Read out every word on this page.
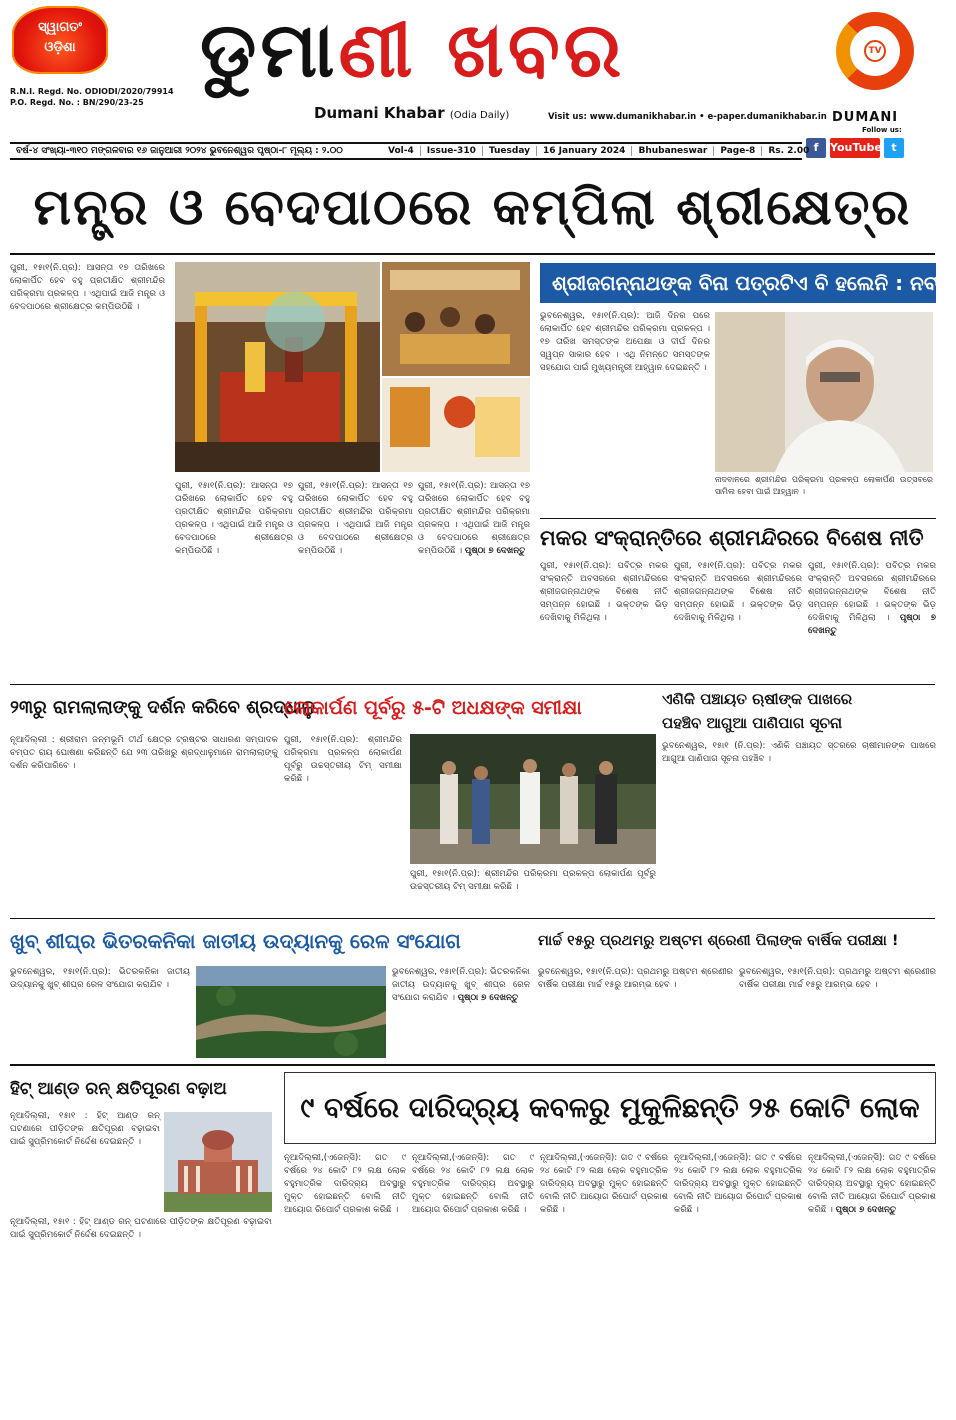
ସ୍ୱାଗତଂ
ଓଡ଼ିଶା
R.N.I. Regd. No. ODIODI/2020/79914
P.O. Regd. No. : BN/290/23-25
ଡୁମାଣୀ ଖବର
Dumani Khabar (Odia Daily)	Visit us: www.dumanikhabar.in • e-paper.dumanikhabar.in
TV
DUMANI
Follow us:
f	YouTube t
ବର୍ଷ-୪ ସଂଖ୍ୟା-୩୧୦ ମଙ୍ଗଳବାର ୧୬ ଜାନୁଆରୀ ୨୦୨୪ ଭୁବନେଶ୍ୱର ପୃଷ୍ଠା-୮ ମୂଲ୍ୟ : ୨.୦୦	Vol-4 Issue-310 Tuesday 16 January 2024 Bhubaneswar Page-8 Rs. 2.00
ମନ୍ତ୍ର ଓ ବେଦପାଠରେ କମ୍ପିଲା ଶ୍ରୀକ୍ଷେତ୍ର
ପୁରୀ, ୧୫ା୧(ନି.ପ୍ର): ଆସନ୍ତା ୧୭ ତାରିଖରେ ଲୋକାର୍ପିତ ହେବ ବହୁ ପ୍ରତୀକ୍ଷିତ ଶ୍ରୀମନ୍ଦିର ପରିକ୍ରମା ପ୍ରକଳ୍ପ । ଏଥିପାଇଁ ଆଜି ମନ୍ତ୍ର ଓ ବେଦପାଠରେ ଶ୍ରୀକ୍ଷେତ୍ର କମ୍ପିଉଠିଛି ।
ପୁରୀ, ୧୫ା୧(ନି.ପ୍ର): ଆସନ୍ତା ୧୭ ତାରିଖରେ ଲୋକାର୍ପିତ ହେବ ବହୁ ପ୍ରତୀକ୍ଷିତ ଶ୍ରୀମନ୍ଦିର ପରିକ୍ରମା ପ୍ରକଳ୍ପ । ଏଥିପାଇଁ ଆଜି ମନ୍ତ୍ର ଓ ବେଦପାଠରେ ଶ୍ରୀକ୍ଷେତ୍ର କମ୍ପିଉଠିଛି ।
ପୁରୀ, ୧୫ା୧(ନି.ପ୍ର): ଆସନ୍ତା ୧୭ ତାରିଖରେ ଲୋକାର୍ପିତ ହେବ ବହୁ ପ୍ରତୀକ୍ଷିତ ଶ୍ରୀମନ୍ଦିର ପରିକ୍ରମା ପ୍ରକଳ୍ପ । ଏଥିପାଇଁ ଆଜି ମନ୍ତ୍ର ଓ ବେଦପାଠରେ ଶ୍ରୀକ୍ଷେତ୍ର କମ୍ପିଉଠିଛି ।
ପୁରୀ, ୧୫ା୧(ନି.ପ୍ର): ଆସନ୍ତା ୧୭ ତାରିଖରେ ଲୋକାର୍ପିତ ହେବ ବହୁ ପ୍ରତୀକ୍ଷିତ ଶ୍ରୀମନ୍ଦିର ପରିକ୍ରମା ପ୍ରକଳ୍ପ । ଏଥିପାଇଁ ଆଜି ମନ୍ତ୍ର ଓ ବେଦପାଠରେ ଶ୍ରୀକ୍ଷେତ୍ର କମ୍ପିଉଠିଛି । ପୃଷ୍ଠା ୭ ଦେଖନ୍ତୁ
ଶ୍ରୀଜଗନ୍ନାଥଙ୍କ ବିନା ପତ୍ରଟିଏ ବି ହଲେନି : ନବୀନ
ଭୁବନେଶ୍ୱର, ୧୫ା୧(ନି.ପ୍ର): ଆଜି ଦିନର ପରେ ଲୋକାର୍ପିତ ହେବ ଶ୍ରୀମନ୍ଦିର ପରିକ୍ରମା ପ୍ରକଳ୍ପ । ୧୭ ତାରିଖ ସମସ୍ତଙ୍କ ଅପେକ୍ଷା ଓ ଦୀର୍ଘ ଦିନର ସ୍ୱପ୍ନ ସାକାର ହେବ । ଏଥି ନିମନ୍ତେ ସମସ୍ତଙ୍କ ସହଯୋଗ ପାଇଁ ମୁଖ୍ୟମନ୍ତ୍ରୀ ଆହ୍ୱାନ ଦେଇଛନ୍ତି ।
ନାଦବାନରେ ଶ୍ରୀମନ୍ଦିର ପରିକ୍ରମା ପ୍ରକଳ୍ପ ଲୋକାର୍ପଣ ଉତ୍ସବରେ ସାମିଲ ହେବା ପାଇଁ ଆହ୍ୱାନ ।
ମକର ସଂକ୍ରାନ୍ତିରେ ଶ୍ରୀମନ୍ଦିରରେ ବିଶେଷ ନୀତି
ପୁରୀ, ୧୫ା୧(ନି.ପ୍ର): ପବିତ୍ର ମକର ସଂକ୍ରାନ୍ତି ଅବସରରେ ଶ୍ରୀମନ୍ଦିରରେ ଶ୍ରୀଜଗନ୍ନାଥଙ୍କ ବିଶେଷ ନୀତି ସମ୍ପନ୍ନ ହୋଇଛି । ଭକ୍ତଙ୍କ ଭିଡ଼ ଦେଖିବାକୁ ମିଳିଥିଲା ।
ପୁରୀ, ୧୫ା୧(ନି.ପ୍ର): ପବିତ୍ର ମକର ସଂକ୍ରାନ୍ତି ଅବସରରେ ଶ୍ରୀମନ୍ଦିରରେ ଶ୍ରୀଜଗନ୍ନାଥଙ୍କ ବିଶେଷ ନୀତି ସମ୍ପନ୍ନ ହୋଇଛି । ଭକ୍ତଙ୍କ ଭିଡ଼ ଦେଖିବାକୁ ମିଳିଥିଲା ।
ପୁରୀ, ୧୫ା୧(ନି.ପ୍ର): ପବିତ୍ର ମକର ସଂକ୍ରାନ୍ତି ଅବସରରେ ଶ୍ରୀମନ୍ଦିରରେ ଶ୍ରୀଜଗନ୍ନାଥଙ୍କ ବିଶେଷ ନୀତି ସମ୍ପନ୍ନ ହୋଇଛି । ଭକ୍ତଙ୍କ ଭିଡ଼ ଦେଖିବାକୁ ମିଳିଥିଲା । ପୃଷ୍ଠା ୭ ଦେଖନ୍ତୁ
୨୩ରୁ ରାମଲାଲାଙ୍କୁ ଦର୍ଶନ କରିବେ ଶ୍ରଦ୍ଧାଳୁ
ନୂଆଦିଲ୍ଲୀ : ଶ୍ରୀରାମ ଜନ୍ମଭୂମି ତୀର୍ଥ କ୍ଷେତ୍ର ଟ୍ରଷ୍ଟର ସାଧାରଣ ସମ୍ପାଦକ ଚମ୍ପତ ରାୟ ଘୋଷଣା କରିଛନ୍ତି ଯେ ୨୩ ତାରିଖରୁ ଶ୍ରଦ୍ଧାଳୁମାନେ ରାମଲାଲାଙ୍କୁ ଦର୍ଶନ କରିପାରିବେ ।
ଲୋକାର୍ପଣ ପୂର୍ବରୁ ୫-ଟି ଅଧକ୍ଷଙ୍କ ସମୀକ୍ଷା
ପୁରୀ, ୧୫ା୧(ନି.ପ୍ର): ଶ୍ରୀମନ୍ଦିର ପରିକ୍ରମା ପ୍ରକଳ୍ପ ଲୋକାର୍ପଣ ପୂର୍ବରୁ ଉଚ୍ଚସ୍ତରୀୟ ଟିମ୍ ସମୀକ୍ଷା କରିଛି ।
ପୁରୀ, ୧୫ା୧(ନି.ପ୍ର): ଶ୍ରୀମନ୍ଦିର ପରିକ୍ରମା ପ୍ରକଳ୍ପ ଲୋକାର୍ପଣ ପୂର୍ବରୁ ଉଚ୍ଚସ୍ତରୀୟ ଟିମ୍ ସମୀକ୍ଷା କରିଛି ।
ଏଣିକି ପଞ୍ଚାୟତ ଋଷୀଙ୍କ ପାଖରେ
ପହଞ୍ଚିବ ଆଗୁଆ ପାଣିପାଗ ସୂଚନା
ଭୁବନେଶ୍ୱର, ୧୫ା୧ (ନି.ପ୍ର): ଏଣିକି ପଞ୍ଚାୟତ ସ୍ତରରେ ଚାଷୀମାନଙ୍କ ପାଖରେ ଆଗୁଆ ପାଣିପାଗ ସୂଚନା ପହଞ୍ଚିବ ।
ଖୁବ୍ ଶୀଘ୍ର ଭିତରକନିକା ଜାତୀୟ ଉଦ୍ୟାନକୁ ରେଳ ସଂଯୋଗ
ଭୁବନେଶ୍ୱର, ୧୫ା୧(ନି.ପ୍ର): ଭିତରକନିକା ଜାତୀୟ ଉଦ୍ୟାନକୁ ଖୁବ୍ ଶୀଘ୍ର ରେଳ ସଂଯୋଗ କରାଯିବ ।
ଭୁବନେଶ୍ୱର, ୧୫ା୧(ନି.ପ୍ର): ଭିତରକନିକା ଜାତୀୟ ଉଦ୍ୟାନକୁ ଖୁବ୍ ଶୀଘ୍ର ରେଳ ସଂଯୋଗ କରାଯିବ । ପୃଷ୍ଠା ୭ ଦେଖନ୍ତୁ
ମାର୍ଚ୍ଚ ୧୫ରୁ ପ୍ରଥମରୁ ଅଷ୍ଟମ ଶ୍ରେଣୀ ପିଲାଙ୍କ ବାର୍ଷିକ ପରୀକ୍ଷା !
ଭୁବନେଶ୍ୱର, ୧୫ା୧(ନି.ପ୍ର): ପ୍ରଥମରୁ ଅଷ୍ଟମ ଶ୍ରେଣୀର ବାର୍ଷିକ ପରୀକ୍ଷା ମାର୍ଚ୍ଚ ୧୫ରୁ ଆରମ୍ଭ ହେବ ।
ଭୁବନେଶ୍ୱର, ୧୫ା୧(ନି.ପ୍ର): ପ୍ରଥମରୁ ଅଷ୍ଟମ ଶ୍ରେଣୀର ବାର୍ଷିକ ପରୀକ୍ଷା ମାର୍ଚ୍ଚ ୧୫ରୁ ଆରମ୍ଭ ହେବ ।
ହିଟ୍ ଆଣ୍ଡ ରନ୍ କ୍ଷତିପୂରଣ ବଢ଼ାଅ
ନୂଆଦିଲ୍ଲୀ, ୧୫ା୧ : ହିଟ୍ ଆଣ୍ଡ ରନ୍ ଘଟଣାରେ ପୀଡ଼ିତଙ୍କ କ୍ଷତିପୂରଣ ବଢ଼ାଇବା ପାଇଁ ସୁପ୍ରିମକୋର୍ଟ ନିର୍ଦ୍ଦେଶ ଦେଇଛନ୍ତି ।
ନୂଆଦିଲ୍ଲୀ, ୧୫ା୧ : ହିଟ୍ ଆଣ୍ଡ ରନ୍ ଘଟଣାରେ ପୀଡ଼ିତଙ୍କ କ୍ଷତିପୂରଣ ବଢ଼ାଇବା ପାଇଁ ସୁପ୍ରିମକୋର୍ଟ ନିର୍ଦ୍ଦେଶ ଦେଇଛନ୍ତି ।
୯ ବର୍ଷରେ ଦାରିଦ୍ର୍ୟ କବଳରୁ ମୁକୁଳିଛନ୍ତି ୨୫ କୋଟି ଲୋକ
ନୂଆଦିଲ୍ଲୀ,(ଏଜେନ୍ସି): ଗତ ୯ ବର୍ଷରେ ୨୪ କୋଟି ୮୨ ଲକ୍ଷ ଲୋକ ବହୁମାତ୍ରିକ ଦାରିଦ୍ର୍ୟ ଅବସ୍ଥାରୁ ମୁକ୍ତ ହୋଇଛନ୍ତି ବୋଲି ନୀତି ଆୟୋଗ ରିପୋର୍ଟ ପ୍ରକାଶ କରିଛି ।
ନୂଆଦିଲ୍ଲୀ,(ଏଜେନ୍ସି): ଗତ ୯ ବର୍ଷରେ ୨୪ କୋଟି ୮୨ ଲକ୍ଷ ଲୋକ ବହୁମାତ୍ରିକ ଦାରିଦ୍ର୍ୟ ଅବସ୍ଥାରୁ ମୁକ୍ତ ହୋଇଛନ୍ତି ବୋଲି ନୀତି ଆୟୋଗ ରିପୋର୍ଟ ପ୍ରକାଶ କରିଛି ।
ନୂଆଦିଲ୍ଲୀ,(ଏଜେନ୍ସି): ଗତ ୯ ବର୍ଷରେ ୨୪ କୋଟି ୮୨ ଲକ୍ଷ ଲୋକ ବହୁମାତ୍ରିକ ଦାରିଦ୍ର୍ୟ ଅବସ୍ଥାରୁ ମୁକ୍ତ ହୋଇଛନ୍ତି ବୋଲି ନୀତି ଆୟୋଗ ରିପୋର୍ଟ ପ୍ରକାଶ କରିଛି ।
ନୂଆଦିଲ୍ଲୀ,(ଏଜେନ୍ସି): ଗତ ୯ ବର୍ଷରେ ୨୪ କୋଟି ୮୨ ଲକ୍ଷ ଲୋକ ବହୁମାତ୍ରିକ ଦାରିଦ୍ର୍ୟ ଅବସ୍ଥାରୁ ମୁକ୍ତ ହୋଇଛନ୍ତି ବୋଲି ନୀତି ଆୟୋଗ ରିପୋର୍ଟ ପ୍ରକାଶ କରିଛି ।
ନୂଆଦିଲ୍ଲୀ,(ଏଜେନ୍ସି): ଗତ ୯ ବର୍ଷରେ ୨୪ କୋଟି ୮୨ ଲକ୍ଷ ଲୋକ ବହୁମାତ୍ରିକ ଦାରିଦ୍ର୍ୟ ଅବସ୍ଥାରୁ ମୁକ୍ତ ହୋଇଛନ୍ତି ବୋଲି ନୀତି ଆୟୋଗ ରିପୋର୍ଟ ପ୍ରକାଶ କରିଛି । ପୃଷ୍ଠା ୭ ଦେଖନ୍ତୁ
